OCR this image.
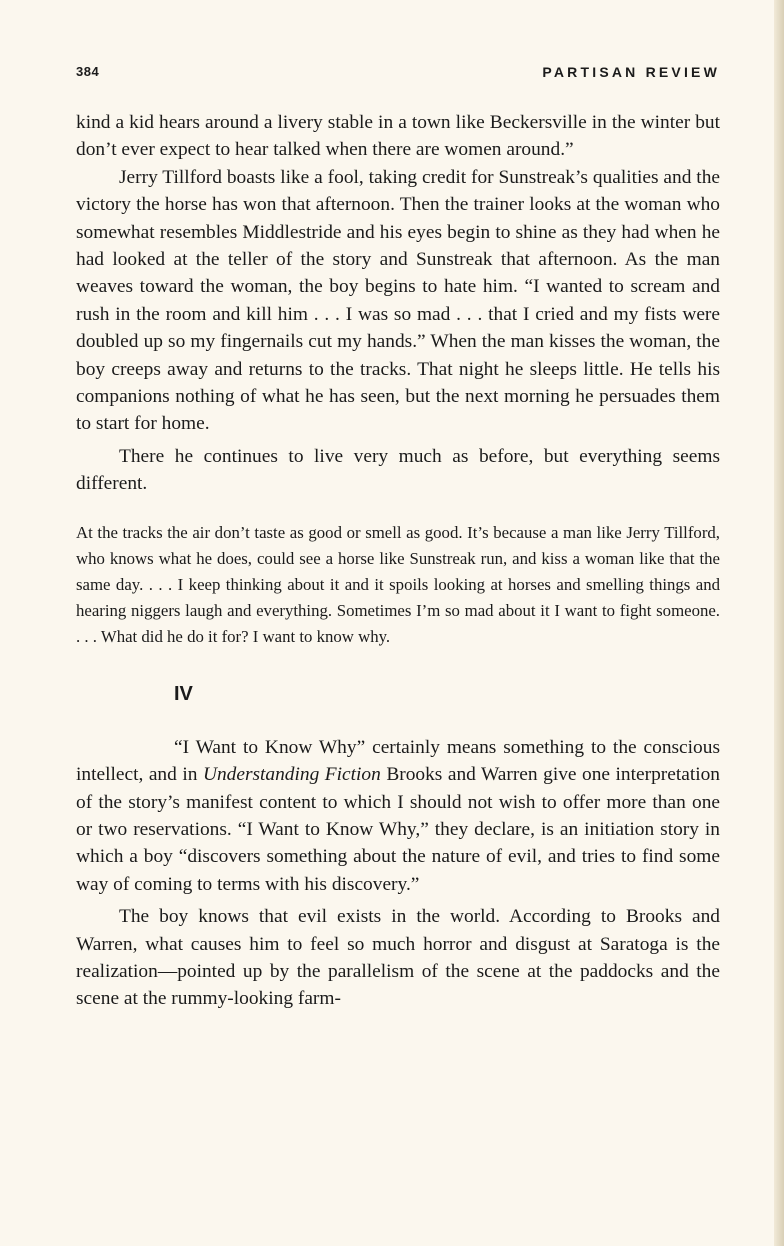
384	PARTISAN REVIEW

kind a kid hears around a livery stable in a town like Beckersville in the winter but don’t ever expect to hear talked when there are women around.”

Jerry Tillford boasts like a fool, taking credit for Sunstreak’s qualities and the victory the horse has won that afternoon. Then the trainer looks at the woman who somewhat resembles Middlestride and his eyes begin to shine as they had when he had looked at the teller of the story and Sunstreak that afternoon. As the man weaves toward the woman, the boy begins to hate him. “I wanted to scream and rush in the room and kill him . . . I was so mad . . . that I cried and my fists were doubled up so my fingernails cut my hands.” When the man kisses the woman, the boy creeps away and returns to the tracks. That night he sleeps little. He tells his companions nothing of what he has seen, but the next morning he persuades them to start for home.

There he continues to live very much as before, but everything seems different.

At the tracks the air don’t taste as good or smell as good. It’s because a man like Jerry Tillford, who knows what he does, could see a horse like Sunstreak run, and kiss a woman like that the same day. . . . I keep thinking about it and it spoils looking at horses and smelling things and hearing niggers laugh and everything. Sometimes I’m so mad about it I want to fight someone. . . . What did he do it for? I want to know why.

IV

“I Want to Know Why” certainly means something to the conscious intellect, and in Understanding Fiction Brooks and Warren give one interpretation of the story’s manifest content to which I should not wish to offer more than one or two reservations. “I Want to Know Why,” they declare, is an initiation story in which a boy “discovers something about the nature of evil, and tries to find some way of coming to terms with his discovery.”

The boy knows that evil exists in the world. According to Brooks and Warren, what causes him to feel so much horror and disgust at Saratoga is the realization—pointed up by the parallelism of the scene at the paddocks and the scene at the rummy-looking farm-
